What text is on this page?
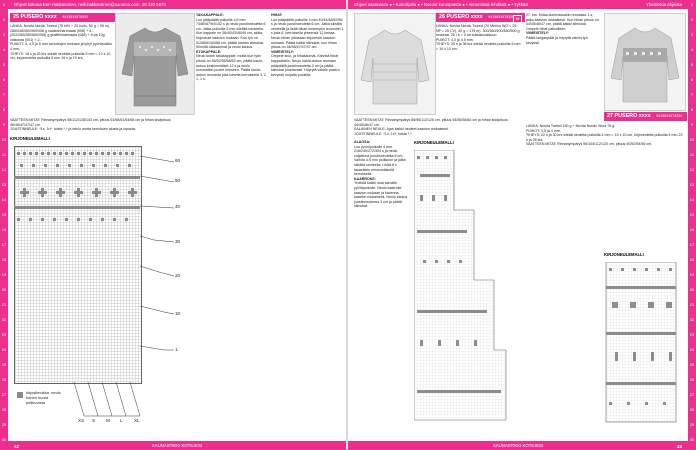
1
2
3
4
5
6
7
8
9
10
11
12
13
14
15
16
17
18
19
20
21
22
23
24
25
26
27
28
29
30
1
2
3
4
5
6
7
8
9
10
11
12
13
14
15
16
17
18
19
20
21
22
23
24
25
26
27
28
29
30
Ohjeet kokoaa Eeri Hakkarainen, neili.hakkarainen@sanoma.com, 09 120 5970
25 PUSERO xxxx 9415834578450
LANKA: Novita Nordic Tweed (75 kt% + 25 kuitu, 50 g = 95 m). 266/048/060/960/008 g vaaleanharmaata (998) + 4... (002/260/280/660/008) g grafiitinharmaata (068) + 8 pa 10g valkoista (001) + 2...
PUIKOT: 4, 4,5 ja 5 mm tai kokojen mukaan ja lyhyt pyöröpuikko 4 mm.
TIHEYS: 18 s ja 25 krs sileää neulotta puikoilla 5 mm = 10 x 10 cm, kirjoneuletta puikoilla 5 mm 19 s ja 19 krs.
VAATTEEN MITAT: Rinnanympärys 98/112/128/143 cm, pituus 51/58/61/64/68 cm ja hihan sisäpituus 46/46/47/47/47 cm.
JOUSTINNEULE: *1s, 1n*, toista *-* ja neulo mutta kerroksen alusta ja lopusta.
KIRJONEULEMALLI
60
50
40
30
20
10
1
kirjosilmukka, neulo toinen nuura pelikuvana
XS S M L XL
TAKAKAPPALE:
Luo pääpäällä puikoille 4,5 mm 74/80/87/94/102 s ja neulo joustinneuletta 6 cm. Jatka puikoilla 5 mm sileällä neuleella. Kun kappale on 36/40/43/46/49 cm, aloita kirjoneule kaavion mukaan. Kun työ on 51/58/61/64/68 cm, päätä hartian silmukat. Kiinnitä olkasaumat ja neulo kaulus.
ETUKAPPALE:
Neulo kuten takakappale, mutta kun työn pituus on 46/52/55/58/62 cm, päätä kaula-aukon keskimmäiset 12 s ja neulo kummatkin puolet erikseen. Päätä kaula-aukon reunasta joka toisella kerroksella 3, 2, 1, 1 s.
HIHAT:
Luo pääpäällä puikoille 4 mm 40/44/48/52/56 s ja neulo joustinneuletta 6 cm. Jatka sileällä neuleella ja lisää hihan molempiin reunoihin 1 s joka 6. kerroksella yhteensä 12 kertaa. Neulo hihan yläosaan kirjoneule kaavion mukaan. Päätä kaikki silmukat, kun hihan pituus on 46/46/47/47/47 cm.
VIIMEISTELY:
Ompele sivu- ja hihasaumat. Kiinnitä hihat kappaleisiin. Neulo kaula-aukon reunaan pääpäällä joustinneuletta 3 cm ja päätä silmukat joustavasti. Höyrytä valmis pusero kevyesti nurjalta puolelta.
SAUNASTIKKI KOTILIESI
42
Ohjeet saatavissa ● • Kokoilijalla ● • Novosr koruspaetta ● • Aiemmissa lehdissä ● • Tykkää	Yleistietoa ohjeista
26 PUSERO xxxx 9415834578320 26
LANKA: Novita Nordic Tweed (70 Merino WO = 25 NP = 25 CV), 50 g = 175 m). 300/360/400/460/500 g ruskeaa. 25 I 6 = 4 sä sukkakoukkuun.
PUIKOT: 4,0 ja 4,5 mm.
TIHEYS: 25 s ja 36 krs sileää neuletta puikoilla 5 mm = 10 x 10 cm.
VAATTEEN MITAT: Rinnanympärys 86/98/112/126 cm, pituus 54/56/58/60 cm ja hihan sisäpituus 44/45/46/47 cm.
SALAINEN NEULE: Ajan kaikki neuleet kaavion mukaisesti.
JOUSTINNEULE: *1o, 1n*, toista *-*.
ALAOSA:
Luo pyöröpuikolle 4 mm 216/240/272/304 s ja neulo suljettuna joustinneuletta 6 cm. Vaihda 4,5 mm puikkoon ja jatka sileällä neuleella. Lisää 8 s tasavälein ensimmäisellä kerroksella.
KAARROKE:
Yhdistä kaikki osat samalle pyöröpuikolle. Neulo kaarroke kaavion mukaan ja kavenna kaavion mukaisesti. Neulo kaulus joustinneuleena 3 cm ja päätä silmukat.
KIRJONEULEMALLI
27. krs: Kiilaa kummassakin reunassa 1 s, jatka kaavion mukaisesti. Kun hihan pituus on 44/45/46/47 cm, päätä kaikki silmukat. Ompele hihat paikoilleen.
VIIMEISTELY:
Päätä langanpäät ja höyrytä valmis työ kevyesti.
27 PUSERO xxxx 9415834578230
LANKA: Novita Tweed 150 g + Novita Nordic Wool 75 g.
PUIKOT: 3,5 ja 4 mm.
TIHEYS: 22 s ja 30 krs sileää neuletta puikoilla 4 mm = 10 x 10 cm, kirjoneuletta puikoilla 4 mm 23 s ja 28 krs.
VAATTEEN MITAT: Rinnanympärys 96/104/112/120 cm, pituus 50/52/54/56 cm.
KIRJONEULEMALLI
SAUNASTIKKI KOTILIESI	43
